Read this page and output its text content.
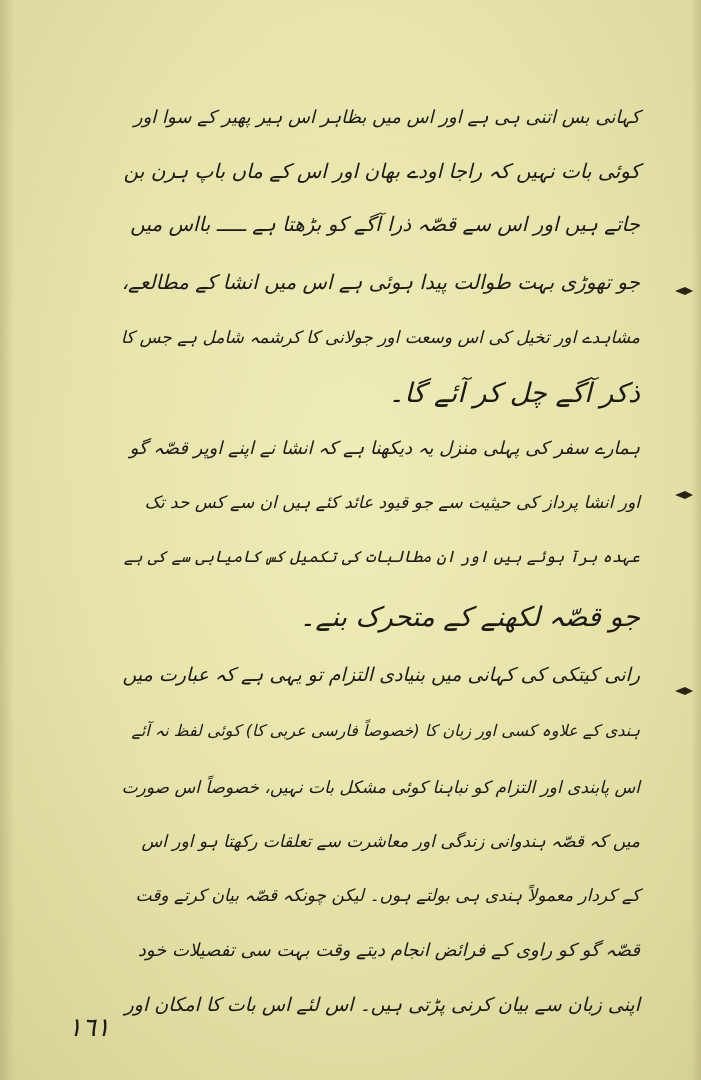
کہانی بس اتنی ہی ہے اور اس میں بظاہر اس ہیر پھیر کے سوا اور
کوئی بات نہیں کہ راجا اودے بھان اور اس کے ماں باپ ہرن بن
جاتے ہیں اور اس سے قصّہ ذرا آگے کو بڑھتا ہے ـــــ بااس میں
جو تھوڑی بہت طوالت پیدا ہوئی ہے اس میں انشا کے مطالعے،
مشاہدے اور تخیل کی اس وسعت اور جولانی کا کرشمہ شامل ہے جس کا
ذکر آگے چل کر آئے گا۔
ہمارے سفر کی پہلی منزل یہ دیکھنا ہے کہ انشا نے اپنے اوپر قصّہ گو
اور انشا پرداز کی حیثیت سے جو قیود عائد کئے ہیں ان سے کس حد تک
عہدہ برآ ہوئے ہیں اور ان مطالبات کی تکمیل کس کامیابی سے کی ہے
جو قصّہ لکھنے کے متحرک بنے۔
رانی کیتکی کی کہانی میں بنیادی التزام تو یہی ہے کہ عبارت میں
ہندی کے علاوہ کسی اور زبان کا (خصوصاً فارسی عربی کا) کوئی لفظ نہ آئے
اس پابندی اور التزام کو نباہنا کوئی مشکل بات نہیں، خصوصاً اس صورت
میں کہ قصّہ ہندوانی زندگی اور معاشرت سے تعلقات رکھتا ہو اور اس
کے کردار معمولاً ہندی ہی بولتے ہوں۔ لیکن چونکہ قصّہ بیان کرتے وقت
قصّہ گو کو راوی کے فرائض انجام دیتے وقت بہت سی تفصیلات خود
اپنی زبان سے بیان کرنی پڑتی ہیں۔ اس لئے اس بات کا امکان اور
١٦١
